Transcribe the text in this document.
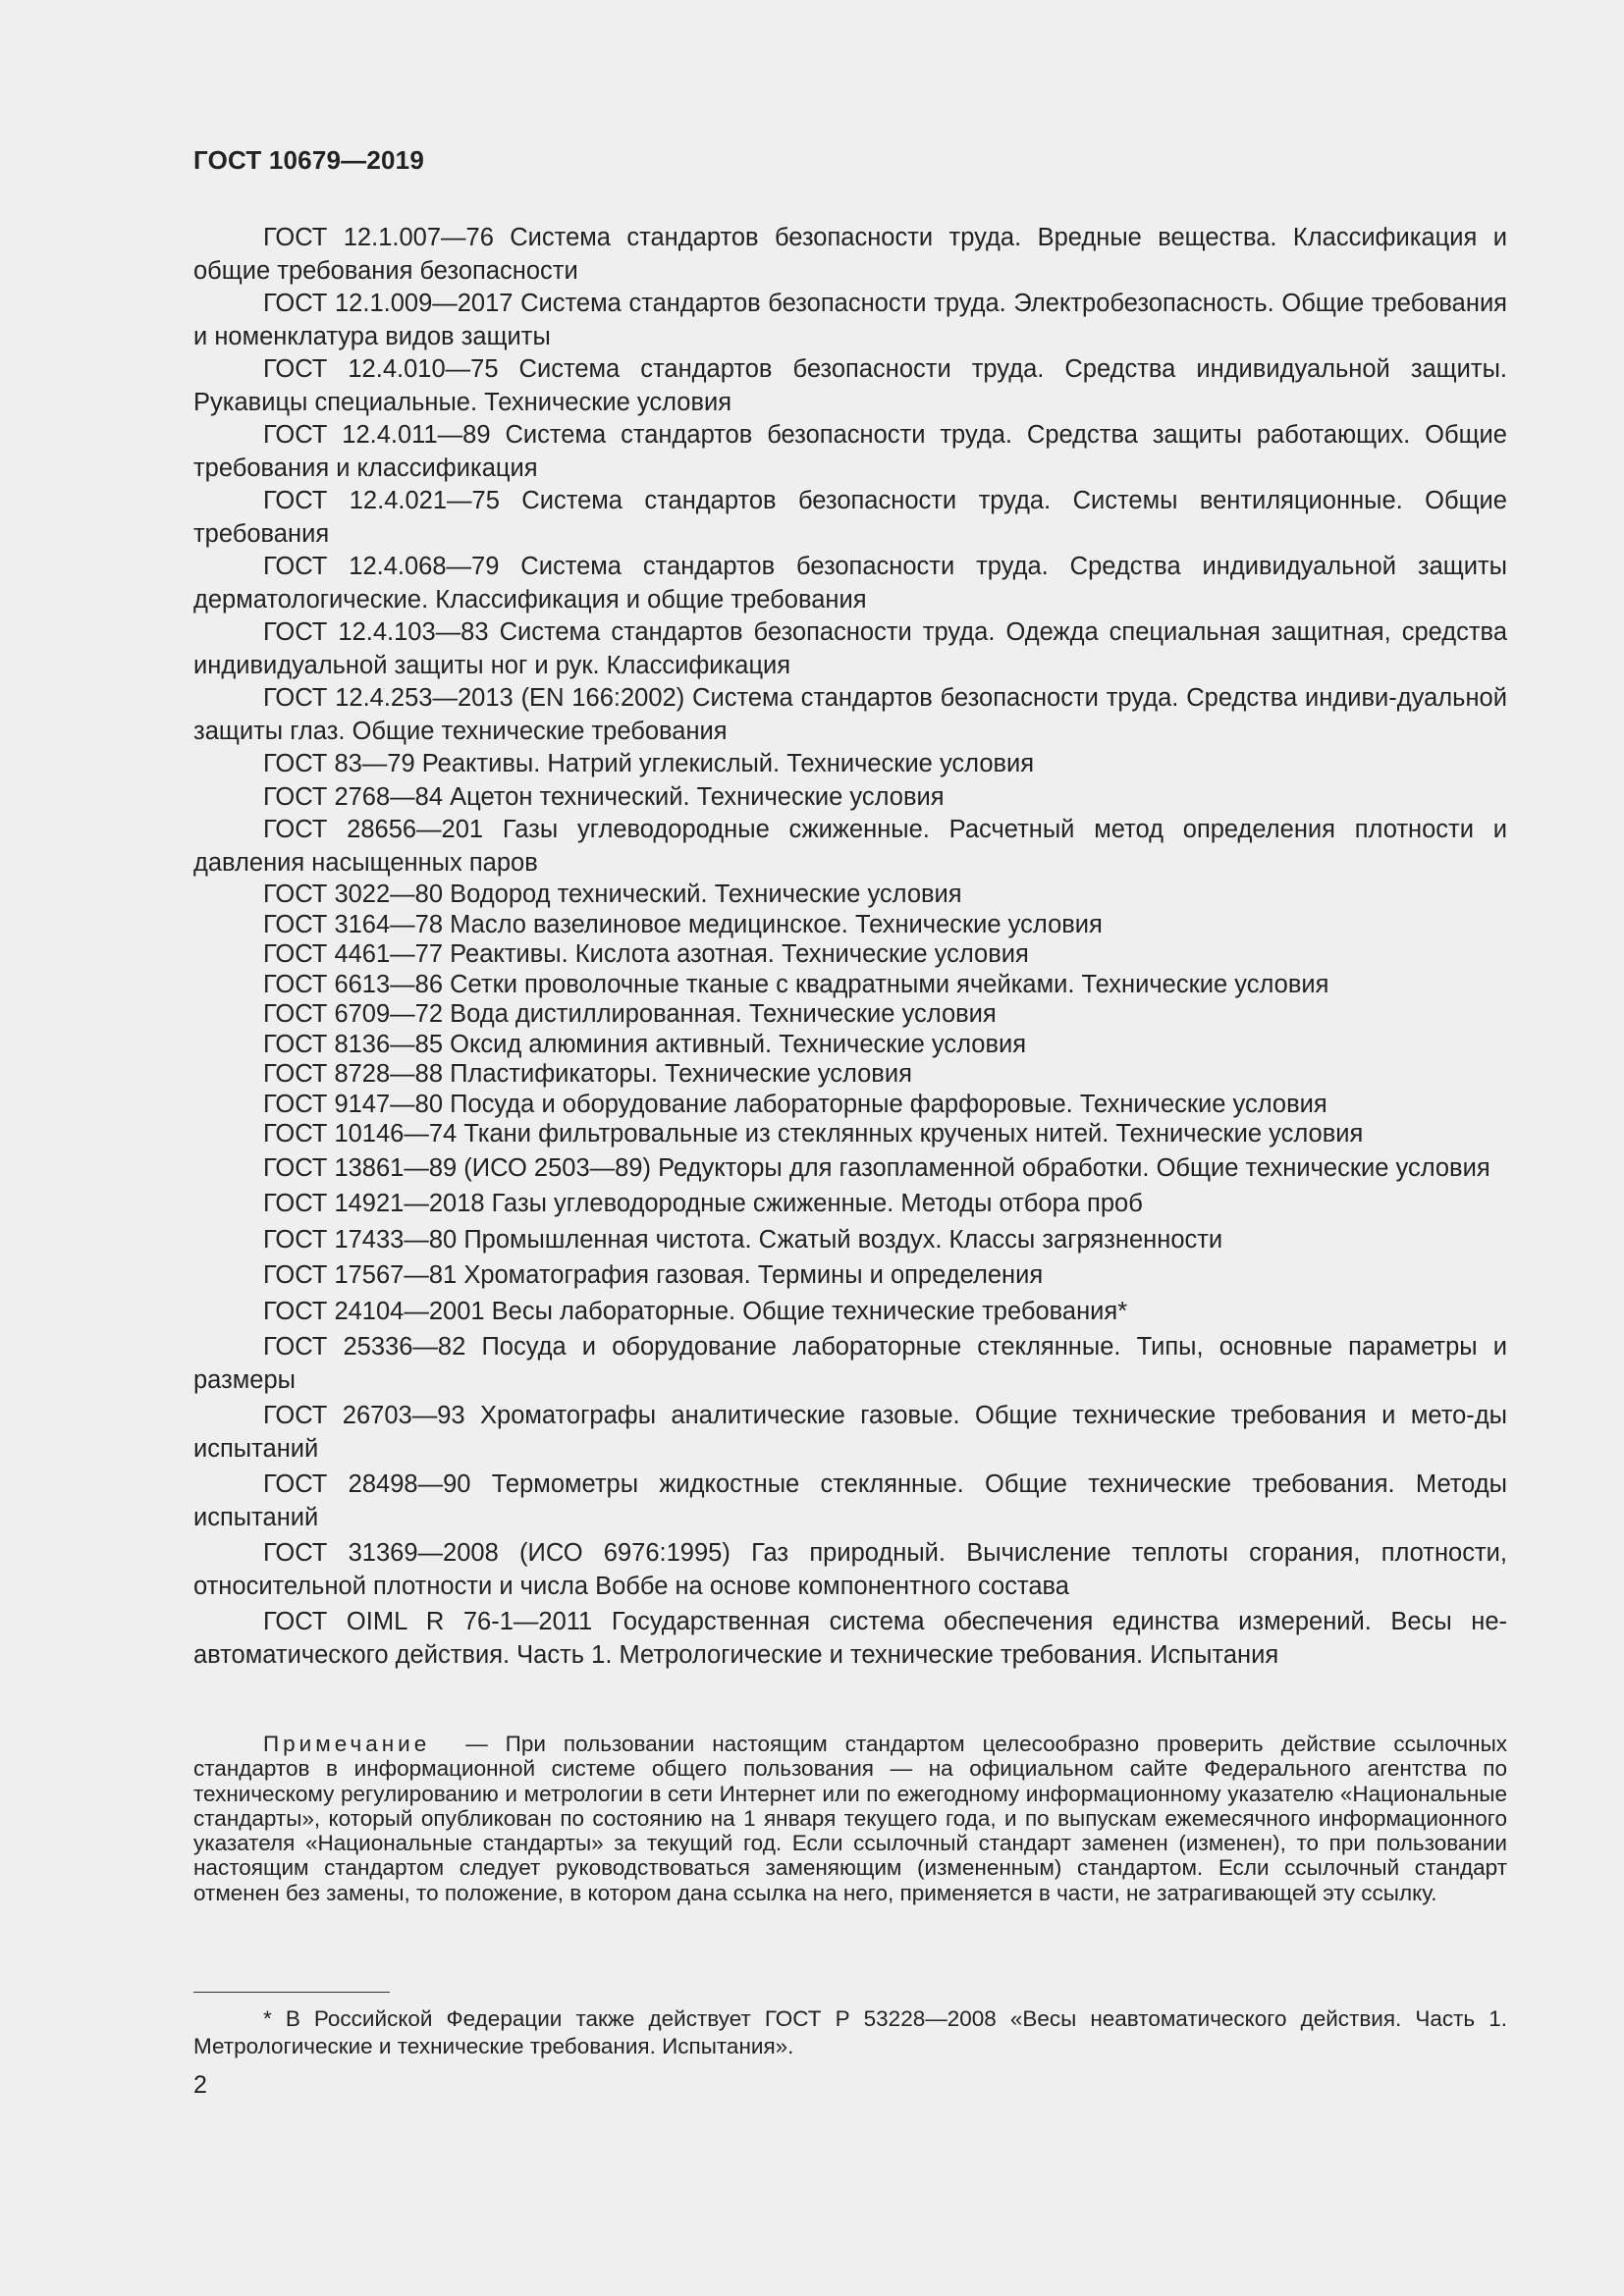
ГОСТ 10679—2019
ГОСТ 12.1.007—76 Система стандартов безопасности труда. Вредные вещества. Классификация и общие требования безопасности
ГОСТ 12.1.009—2017 Система стандартов безопасности труда. Электробезопасность. Общие требования и номенклатура видов защиты
ГОСТ 12.4.010—75 Система стандартов безопасности труда. Средства индивидуальной защиты. Рукавицы специальные. Технические условия
ГОСТ 12.4.011—89 Система стандартов безопасности труда. Средства защиты работающих. Общие требования и классификация
ГОСТ 12.4.021—75 Система стандартов безопасности труда. Системы вентиляционные. Общие требования
ГОСТ 12.4.068—79 Система стандартов безопасности труда. Средства индивидуальной защиты дерматологические. Классификация и общие требования
ГОСТ 12.4.103—83 Система стандартов безопасности труда. Одежда специальная защитная, средства индивидуальной защиты ног и рук. Классификация
ГОСТ 12.4.253—2013 (EN 166:2002) Система стандартов безопасности труда. Средства индиви-дуальной защиты глаз. Общие технические требования
ГОСТ 83—79 Реактивы. Натрий углекислый. Технические условия
ГОСТ 2768—84 Ацетон технический. Технические условия
ГОСТ 28656—201 Газы углеводородные сжиженные. Расчетный метод определения плотности и давления насыщенных паров
ГОСТ 3022—80 Водород технический. Технические условия
ГОСТ 3164—78 Масло вазелиновое медицинское. Технические условия
ГОСТ 4461—77 Реактивы. Кислота азотная. Технические условия
ГОСТ 6613—86 Сетки проволочные тканые с квадратными ячейками. Технические условия
ГОСТ 6709—72 Вода дистиллированная. Технические условия
ГОСТ 8136—85 Оксид алюминия активный. Технические условия
ГОСТ 8728—88 Пластификаторы. Технические условия
ГОСТ 9147—80 Посуда и оборудование лабораторные фарфоровые. Технические условия
ГОСТ 10146—74 Ткани фильтровальные из стеклянных крученых нитей. Технические условия
ГОСТ 13861—89 (ИСО 2503—89) Редукторы для газопламенной обработки. Общие технические условия
ГОСТ 14921—2018 Газы углеводородные сжиженные. Методы отбора проб
ГОСТ 17433—80 Промышленная чистота. Сжатый воздух. Классы загрязненности
ГОСТ 17567—81 Хроматография газовая. Термины и определения
ГОСТ 24104—2001 Весы лабораторные. Общие технические требования*
ГОСТ 25336—82 Посуда и оборудование лабораторные стеклянные. Типы, основные параметры и размеры
ГОСТ 26703—93 Хроматографы аналитические газовые. Общие технические требования и мето-ды испытаний
ГОСТ 28498—90 Термометры жидкостные стеклянные. Общие технические требования. Методы испытаний
ГОСТ 31369—2008 (ИСО 6976:1995) Газ природный. Вычисление теплоты сгорания, плотности, относительной плотности и числа Воббе на основе компонентного состава
ГОСТ OIML R 76-1—2011 Государственная система обеспечения единства измерений. Весы не-автоматического действия. Часть 1. Метрологические и технические требования. Испытания
Примечание — При пользовании настоящим стандартом целесообразно проверить действие ссылочных стандартов в информационной системе общего пользования — на официальном сайте Федерального агентства по техническому регулированию и метрологии в сети Интернет или по ежегодному информационному указателю «Национальные стандарты», который опубликован по состоянию на 1 января текущего года, и по выпускам ежемесячного информационного указателя «Национальные стандарты» за текущий год. Если ссылочный стандарт заменен (изменен), то при пользовании настоящим стандартом следует руководствоваться заменяющим (измененным) стандартом. Если ссылочный стандарт отменен без замены, то положение, в котором дана ссылка на него, применяется в части, не затрагивающей эту ссылку.
* В Российской Федерации также действует ГОСТ Р 53228—2008 «Весы неавтоматического действия. Часть 1. Метрологические и технические требования. Испытания».
2
